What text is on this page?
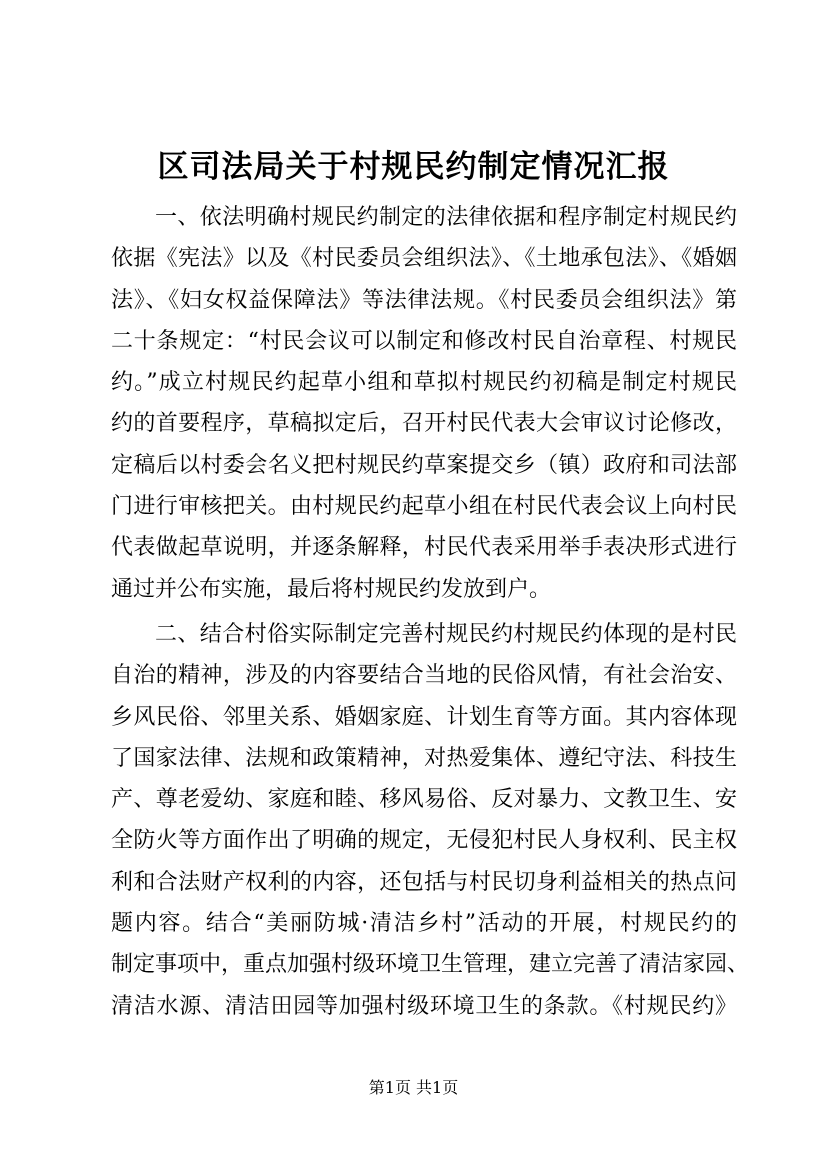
区司法局关于村规民约制定情况汇报
一、依法明确村规民约制定的法律依据和程序制定村规民约
依据《宪法》以及《村民委员会组织法》、《土地承包法》、《婚姻
法》、《妇女权益保障法》等法律法规。《村民委员会组织法》第
二十条规定：“村民会议可以制定和修改村民自治章程、村规民
约。”成立村规民约起草小组和草拟村规民约初稿是制定村规民
约的首要程序，草稿拟定后，召开村民代表大会审议讨论修改，
定稿后以村委会名义把村规民约草案提交乡（镇）政府和司法部
门进行审核把关。由村规民约起草小组在村民代表会议上向村民
代表做起草说明，并逐条解释，村民代表采用举手表决形式进行
通过并公布实施，最后将村规民约发放到户。
二、结合村俗实际制定完善村规民约村规民约体现的是村民
自治的精神，涉及的内容要结合当地的民俗风情，有社会治安、
乡风民俗、邻里关系、婚姻家庭、计划生育等方面。其内容体现
了国家法律、法规和政策精神，对热爱集体、遵纪守法、科技生
产、尊老爱幼、家庭和睦、移风易俗、反对暴力、文教卫生、安
全防火等方面作出了明确的规定，无侵犯村民人身权利、民主权
利和合法财产权利的内容，还包括与村民切身利益相关的热点问
题内容。结合“美丽防城·清洁乡村”活动的开展，村规民约的
制定事项中，重点加强村级环境卫生管理，建立完善了清洁家园、
清洁水源、清洁田园等加强村级环境卫生的条款。《村规民约》
第1页 共1页
